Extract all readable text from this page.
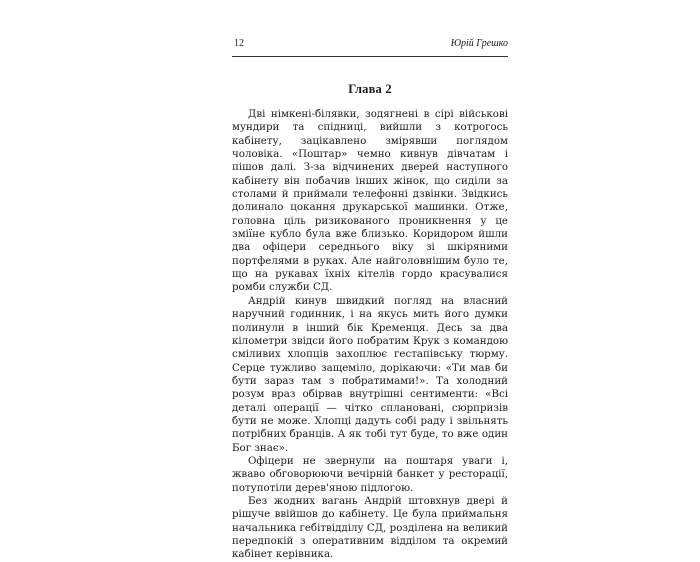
12	Юрій Грешко
Глава 2

Дві німкені-білявки, зодягнені в сірі військові мундири та спідниці, вийшли з котрогось кабінету, зацікавлено змірявши поглядом чоловіка. «Поштар» чемно кивнув дівчатам і пішов далі. З-за відчинених дверей наступного кабінету він побачив інших жінок, що сиділи за столами й приймали телефонні дзвінки. Звідкись долинало цокання друкарської машинки. Отже, головна ціль ризикованого проникнення у це зміїне кубло була вже близько. Коридором йшли два офіцери середнього віку зі шкіряними портфелями в руках. Але найголовнішим було те, що на рукавах їхніх кітелів гордо красувалися ромби служби СД.

Андрій кинув швидкий погляд на власний наручний годинник, і на якусь мить його думки полинули в інший бік Кременця. Десь за два кілометри звідси його побратим Крук з командою сміливих хлопців захоплює гестапівську тюрму. Серце тужливо защеміло, дорікаючи: «Ти мав би бути зараз там з побратимами!». Та холодний розум враз обірвав внутрішні сентименти: «Всі деталі операції — чітко сплановані, сюрпризів бути не може. Хлопці дадуть собі раду і звільнять потрібних бранців. А як тобі тут буде, то вже один Бог знає».

Офіцери не звернули на поштаря уваги і, жваво обговорюючи вечірній банкет у ресторації, потупотіли дерев'яною підлогою.

Без жодних вагань Андрій штовхнув двері й рішуче ввійшов до кабінету. Це була приймальня начальника гебітвідділу СД, розділена на великий передпокій з оперативним відділом та окремий кабінет керівника.
